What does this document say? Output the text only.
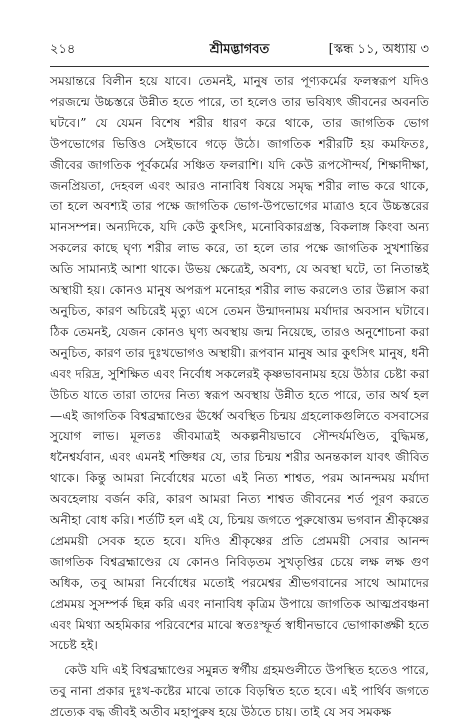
২১৪	শ্রীমদ্ভাগবত	[স্কন্ধ ১১, অধ্যায় ৩

সময়ান্তরে বিলীন হয়ে যাবে। তেমনই, মানুষ তার পূণ্যকর্মের ফলস্বরূপ যদিও পরজন্মে উচ্চস্তরে উন্নীত হতে পারে, তা হলেও তার ভবিষ্যৎ জীবনের অবনতি ঘটবে।” যে যেমন বিশেষ শরীর ধারণ করে থাকে, তার জাগতিক ভোগ উপভোগের ভিত্তিও সেইভাবে গড়ে উঠে। জাগতিক শরীরটি হয় কমফিতঃ, জীবের জাগতিক পূর্বকর্মের সঞ্চিত ফলরাশি। যদি কেউ রূপসৌন্দর্য, শিক্ষাদীক্ষা, জনপ্রিয়তা, দেহবল এবং আরও নানাবিধ বিষয়ে সমৃদ্ধ শরীর লাভ করে থাকে, তা হলে অবশ্যই তার পক্ষে জাগতিক ভোগ-উপভোগের মাত্রাও হবে উচ্চস্তরের মানসম্পন্ন। অন্যদিকে, যদি কেউ কুৎসিৎ, মনোবিকারগ্রস্ত, বিকলাঙ্গ কিংবা অন্য সকলের কাছে ঘৃণ্য শরীর লাভ করে, তা হলে তার পক্ষে জাগতিক সুখশান্তির অতি সামান্যই আশা থাকে। উভয় ক্ষেত্রেই, অবশ্য, যে অবস্থা ঘটে, তা নিতান্তই অস্থায়ী হয়। কোনও মানুষ অপরূপ মনোহর শরীর লাভ করলেও তার উল্লাস করা অনুচিত, কারণ অচিরেই মৃত্যু এসে তেমন উন্মাদনাময় মর্যাদার অবসান ঘটাবে। ঠিক তেমনই, যেজন কোনও ঘৃণ্য অবস্থায় জন্ম নিয়েছে, তারও অনুশোচনা করা অনুচিত, কারণ তার দুঃখভোগও অস্থায়ী। রূপবান মানুষ আর কুৎসিৎ মানুষ, ধনী এবং দরিদ্র, সুশিক্ষিত এবং নির্বোধ সকলেরই কৃষ্ণভাবনাময় হয়ে উঠার চেষ্টা করা উচিত যাতে তারা তাদের নিত্য স্বরূপ অবস্থায় উন্নীত হতে পারে, তার অর্থ হল—এই জাগতিক বিশ্বব্রহ্মাণ্ডের ঊর্ধ্বে অবস্থিত চিন্ময় গ্রহলোকগুলিতে বসবাসের সুযোগ লাভ। মূলতঃ জীবমাত্রই অকল্পনীয়ভাবে সৌন্দর্যমণ্ডিত, বুদ্ধিমন্ত, ধনৈশ্বর্যবান, এবং এমনই শক্তিধর যে, তার চিন্ময় শরীর অনন্তকাল যাবৎ জীবিত থাকে। কিন্তু আমরা নির্বোধের মতো এই নিত্য শাশ্বত, পরম আনন্দময় মর্যাদা অবহেলায় বর্জন করি, কারণ আমরা নিত্য শাশ্বত জীবনের শর্ত পূরণ করতে অনীহা বোধ করি। শর্তটি হল এই যে, চিন্ময় জগতে পুরুষোত্তম ভগবান শ্রীকৃষ্ণের প্রেমময়ী সেবক হতে হবে। যদিও শ্রীকৃষ্ণের প্রতি প্রেমময়ী সেবার আনন্দ জাগতিক বিশ্বব্রহ্মাণ্ডের যে কোনও নিবিড়তম সুখতৃপ্তির চেয়ে লক্ষ লক্ষ গুণ অধিক, তবু আমরা নির্বোধের মতোই পরমেশ্বর শ্রীভগবানের সাথে আমাদের প্রেমময় সুসম্পর্ক ছিন্ন করি এবং নানাবিধ কৃত্রিম উপায়ে জাগতিক আত্মপ্রবঞ্চনা এবং মিথ্যা অহমিকার পরিবেশের মাঝে স্বতঃস্ফূর্ত স্বাধীনভাবে ভোগাকাঙ্ক্ষী হতে সচেষ্ট হই।

কেউ যদি এই বিশ্বব্রহ্মাণ্ডের সমুন্নত স্বর্গীয় গ্রহমণ্ডলীতে উপস্থিত হতেও পারে, তবু নানা প্রকার দুঃখ-কষ্টের মাঝে তাকে বিড়ম্বিত হতে হবে। এই পার্থিব জগতে প্রত্যেক বদ্ধ জীবই অতীব মহাপুরুষ হয়ে উঠতে চায়। তাই যে সব সমকক্ষ
